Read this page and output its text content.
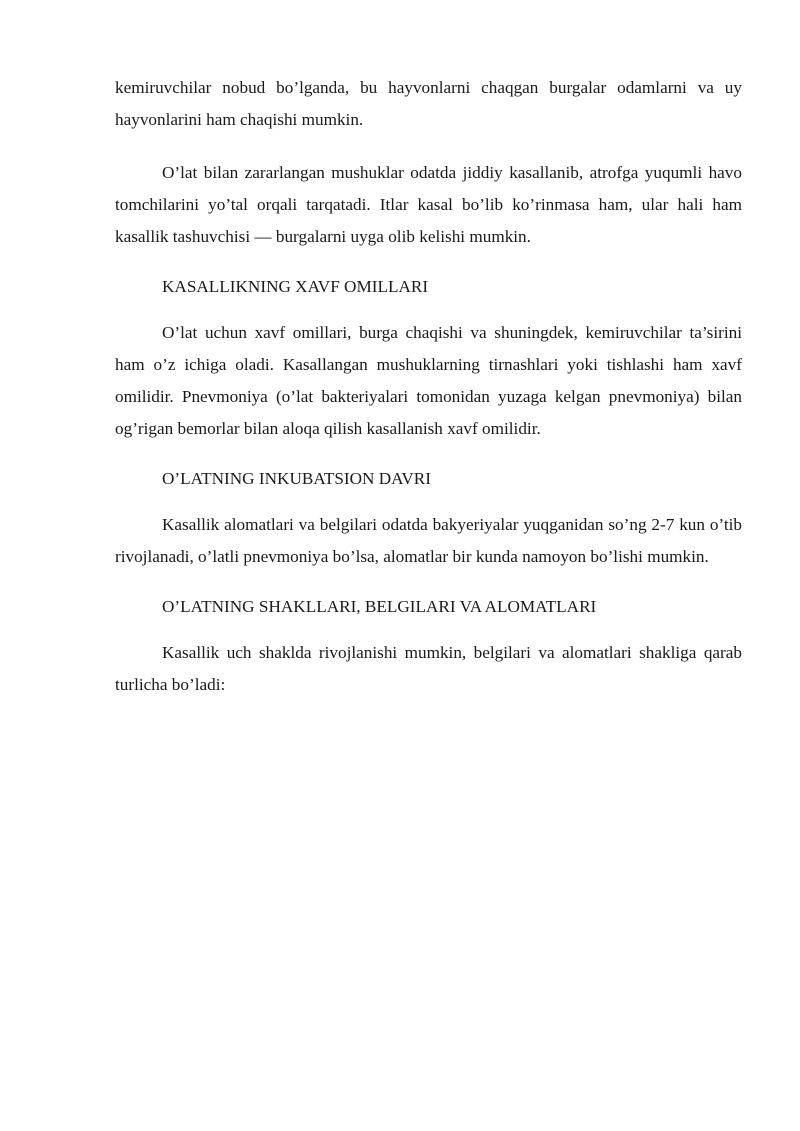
kemiruvchilar nobud bo’lganda, bu hayvonlarni chaqgan burgalar odamlarni va uy hayvonlarini ham chaqishi mumkin.

O’lat bilan zararlangan mushuklar odatda jiddiy kasallanib, atrofga yuqumli havo tomchilarini yo’tal orqali tarqatadi. Itlar kasal bo’lib ko’rinmasa ham, ular hali ham kasallik tashuvchisi — burgalarni uyga olib kelishi mumkin.

KASALLIKNING XAVF OMILLARI

O’lat uchun xavf omillari, burga chaqishi va shuningdek, kemiruvchilar ta’sirini ham o’z ichiga oladi. Kasallangan mushuklarning tirnashlari yoki tishlashi ham xavf omilidir. Pnevmoniya (o’lat bakteriyalari tomonidan yuzaga kelgan pnevmoniya) bilan og’rigan bemorlar bilan aloqa qilish kasallanish xavf omilidir.

O’LATNING INKUBATSION DAVRI

Kasallik alomatlari va belgilari odatda bakyeriyalar yuqganidan so’ng 2-7 kun o’tib rivojlanadi, o’latli pnevmoniya bo’lsa, alomatlar bir kunda namoyon bo’lishi mumkin.

O’LATNING SHAKLLARI, BELGILARI VA ALOMATLARI

Kasallik uch shaklda rivojlanishi mumkin, belgilari va alomatlari shakliga qarab turlicha bo’ladi:
